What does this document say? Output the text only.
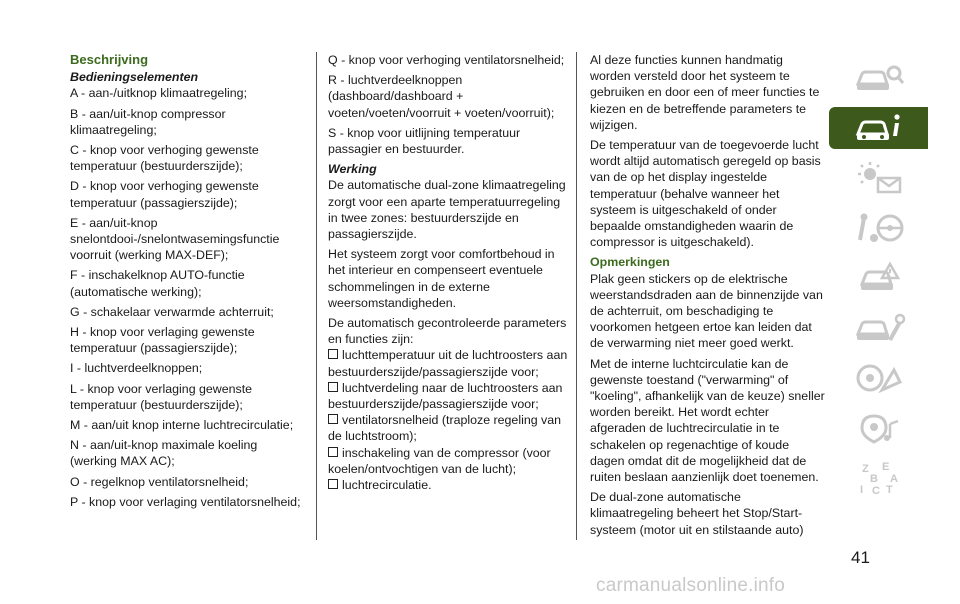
Beschrijving
Bedieningselementen

A - aan-/uitknop klimaatregeling;

B - aan/uit-knop compressor klimaatregeling;

C - knop voor verhoging gewenste temperatuur (bestuurderszijde);

D - knop voor verhoging gewenste temperatuur (passagierszijde);

E - aan/uit-knop snelontdooi-/snelontwasemingsfunctie voorruit (werking MAX-DEF);

F - inschakelknop AUTO-functie (automatische werking);

G - schakelaar verwarmde achterruit;

H - knop voor verlaging gewenste temperatuur (passagierszijde);

I - luchtverdeelknoppen;

L - knop voor verlaging gewenste temperatuur (bestuurderszijde);

M - aan/uit knop interne luchtrecirculatie;

N - aan/uit-knop maximale koeling (werking MAX AC);

O - regelknop ventilatorsnelheid;

P - knop voor verlaging ventilatorsnelheid;

Q - knop voor verhoging ventilatorsnelheid;

R - luchtverdeelknoppen (dashboard/dashboard + voeten/voeten/voorruit + voeten/voorruit);

S - knop voor uitlijning temperatuur passagier en bestuurder.

Werking

De automatische dual-zone klimaatregeling zorgt voor een aparte temperatuurregeling in twee zones: bestuurderszijde en passagierszijde.

Het systeem zorgt voor comfortbehoud in het interieur en compenseert eventuele schommelingen in de externe weersomstandigheden.

De automatisch gecontroleerde parameters en functies zijn:

luchttemperatuur uit de luchtroosters aan bestuurderszijde/passagierszijde voor;
luchtverdeling naar de luchtroosters aan bestuurderszijde/passagierszijde voor;
ventilatorsnelheid (traploze regeling van de luchtstroom);
inschakeling van de compressor (voor koelen/ontvochtigen van de lucht);
luchtrecirculatie.

Al deze functies kunnen handmatig worden versteld door het systeem te gebruiken en door een of meer functies te kiezen en de betreffende parameters te wijzigen.

De temperatuur van de toegevoerde lucht wordt altijd automatisch geregeld op basis van de op het display ingestelde temperatuur (behalve wanneer het systeem is uitgeschakeld of onder bepaalde omstandigheden waarin de compressor is uitgeschakeld).

Opmerkingen

Plak geen stickers op de elektrische weerstandsdraden aan de binnenzijde van de achterruit, om beschadiging te voorkomen hetgeen ertoe kan leiden dat de verwarming niet meer goed werkt.

Met de interne luchtcirculatie kan de gewenste toestand ("verwarming" of "koeling", afhankelijk van de keuze) sneller worden bereikt. Het wordt echter afgeraden de luchtrecirculatie in te schakelen op regenachtige of koude dagen omdat dit de mogelijkheid dat de ruiten beslaan aanzienlijk doet toenemen.

De dual-zone automatische klimaatregeling beheert het Stop/Start-systeem (motor uit en stilstaande auto)

Z E
B A
I C T
41
carmanualsonline.info
